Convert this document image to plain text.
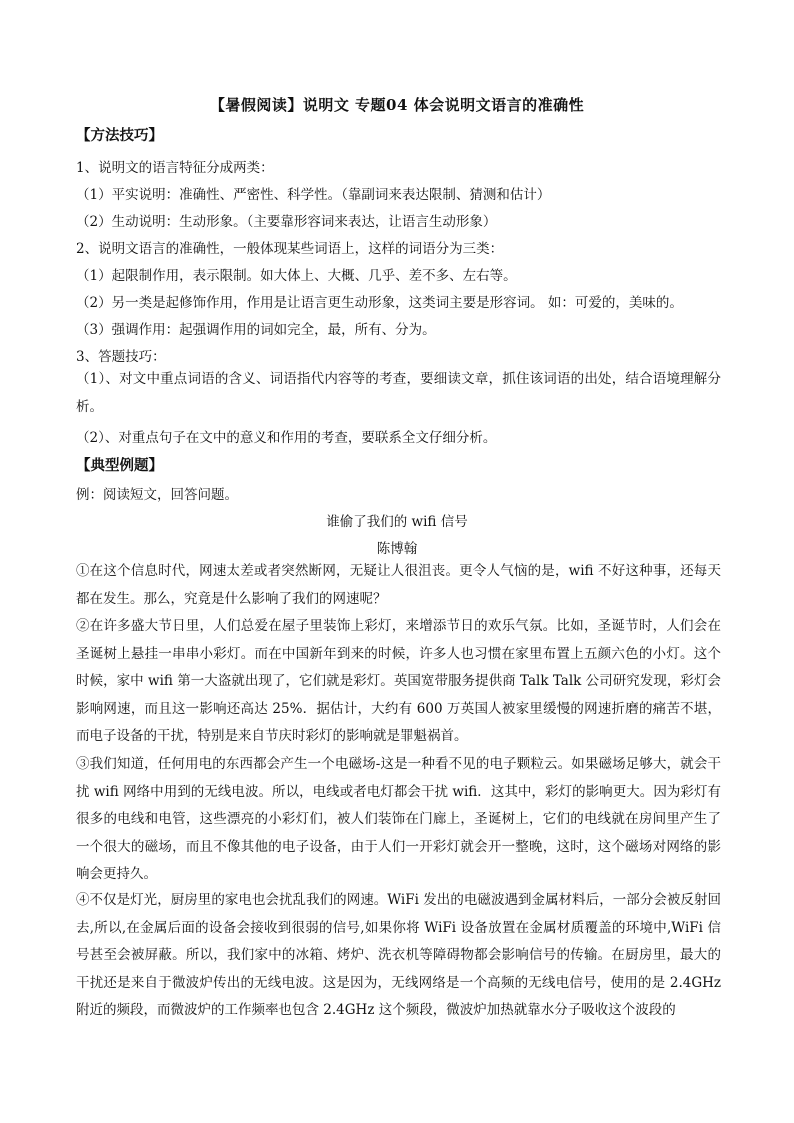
【暑假阅读】说明文 专题04 体会说明文语言的准确性
【方法技巧】
1、说明文的语言特征分成两类：
（1）平实说明：准确性、严密性、科学性。（靠副词来表达限制、猜测和估计）
（2）生动说明：生动形象。（主要靠形容词来表达，让语言生动形象）
2、说明文语言的准确性，一般体现某些词语上，这样的词语分为三类：
（1）起限制作用，表示限制。如大体上、大概、几乎、差不多、左右等。
（2）另一类是起修饰作用，作用是让语言更生动形象，这类词主要是形容词。 如：可爱的，美味的。
（3）强调作用：起强调作用的词如完全，最，所有、分为。
3、答题技巧：
（1）、对文中重点词语的含义、词语指代内容等的考查，要细读文章，抓住该词语的出处，结合语境理解分析。
（2）、对重点句子在文中的意义和作用的考查，要联系全文仔细分析。
【典型例题】
例：阅读短文，回答问题。
谁偷了我们的 wifi 信号
陈博翰
①在这个信息时代，网速太差或者突然断网，无疑让人很沮丧。更令人气恼的是，wifi 不好这种事，还每天都在发生。那么，究竟是什么影响了我们的网速呢？
②在许多盛大节日里，人们总爱在屋子里装饰上彩灯，来增添节日的欢乐气氛。比如，圣诞节时，人们会在圣诞树上悬挂一串串小彩灯。而在中国新年到来的时候，许多人也习惯在家里布置上五颜六色的小灯。这个时候，家中 wifi 第一大盗就出现了，它们就是彩灯。英国宽带服务提供商 Talk Talk 公司研究发现，彩灯会影响网速，而且这一影响还高达 25%．据估计，大约有 600 万英国人被家里缓慢的网速折磨的痛苦不堪，而电子设备的干扰，特别是来自节庆时彩灯的影响就是罪魁祸首。
③我们知道，任何用电的东西都会产生一个电磁场-这是一种看不见的电子颗粒云。如果磁场足够大，就会干扰 wifi 网络中用到的无线电波。所以，电线或者电灯都会干扰 wifi．这其中，彩灯的影响更大。因为彩灯有很多的电线和电管，这些漂亮的小彩灯们，被人们装饰在门廊上，圣诞树上，它们的电线就在房间里产生了一个很大的磁场，而且不像其他的电子设备，由于人们一开彩灯就会开一整晚，这时，这个磁场对网络的影响会更持久。
④不仅是灯光，厨房里的家电也会扰乱我们的网速。WiFi 发出的电磁波遇到金属材料后，一部分会被反射回去,所以,在金属后面的设备会接收到很弱的信号,如果你将 WiFi 设备放置在金属材质覆盖的环境中,WiFi 信号甚至会被屏蔽。所以，我们家中的冰箱、烤炉、洗衣机等障碍物都会影响信号的传输。在厨房里，最大的干扰还是来自于微波炉传出的无线电波。这是因为，无线网络是一个高频的无线电信号，使用的是 2.4GHz 附近的频段，而微波炉的工作频率也包含 2.4GHz 这个频段，微波炉加热就靠水分子吸收这个波段的
